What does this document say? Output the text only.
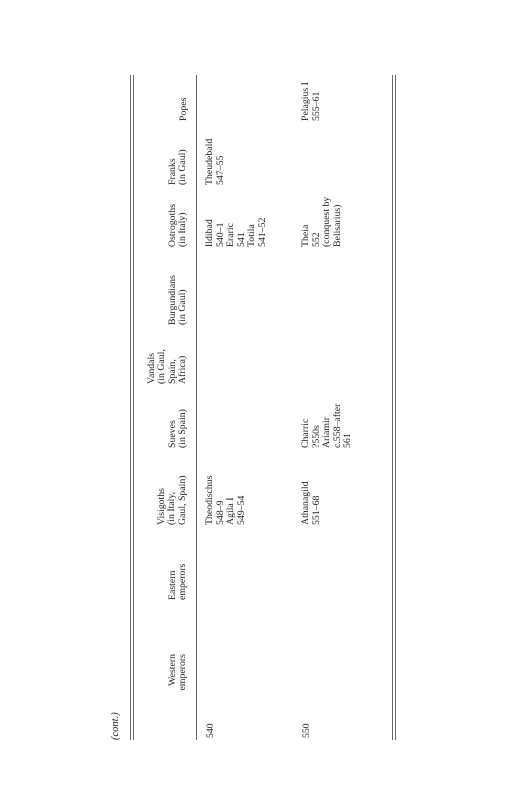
(cont.)
Western emperors
Eastern emperors
Visigoths (in Italy, Gaul, Spain)
Sueves (in Spain)
Vandals (in Gaul, Spain, Africa)
Burgundians (in Gaul)
Ostrogoths (in Italy)
Franks (in Gaul)
Popes
540
Theodischus 548–9 Agila I 549–54
Ildibad 540–1 Eraric 541 Totila 541–52
Theudebald 547–55
550
Athanagild 551–68
Charric ?550s Ariamir c.558–after 561
Theia 552 (conquest by Belisarius)
Pelagius I 555–61
